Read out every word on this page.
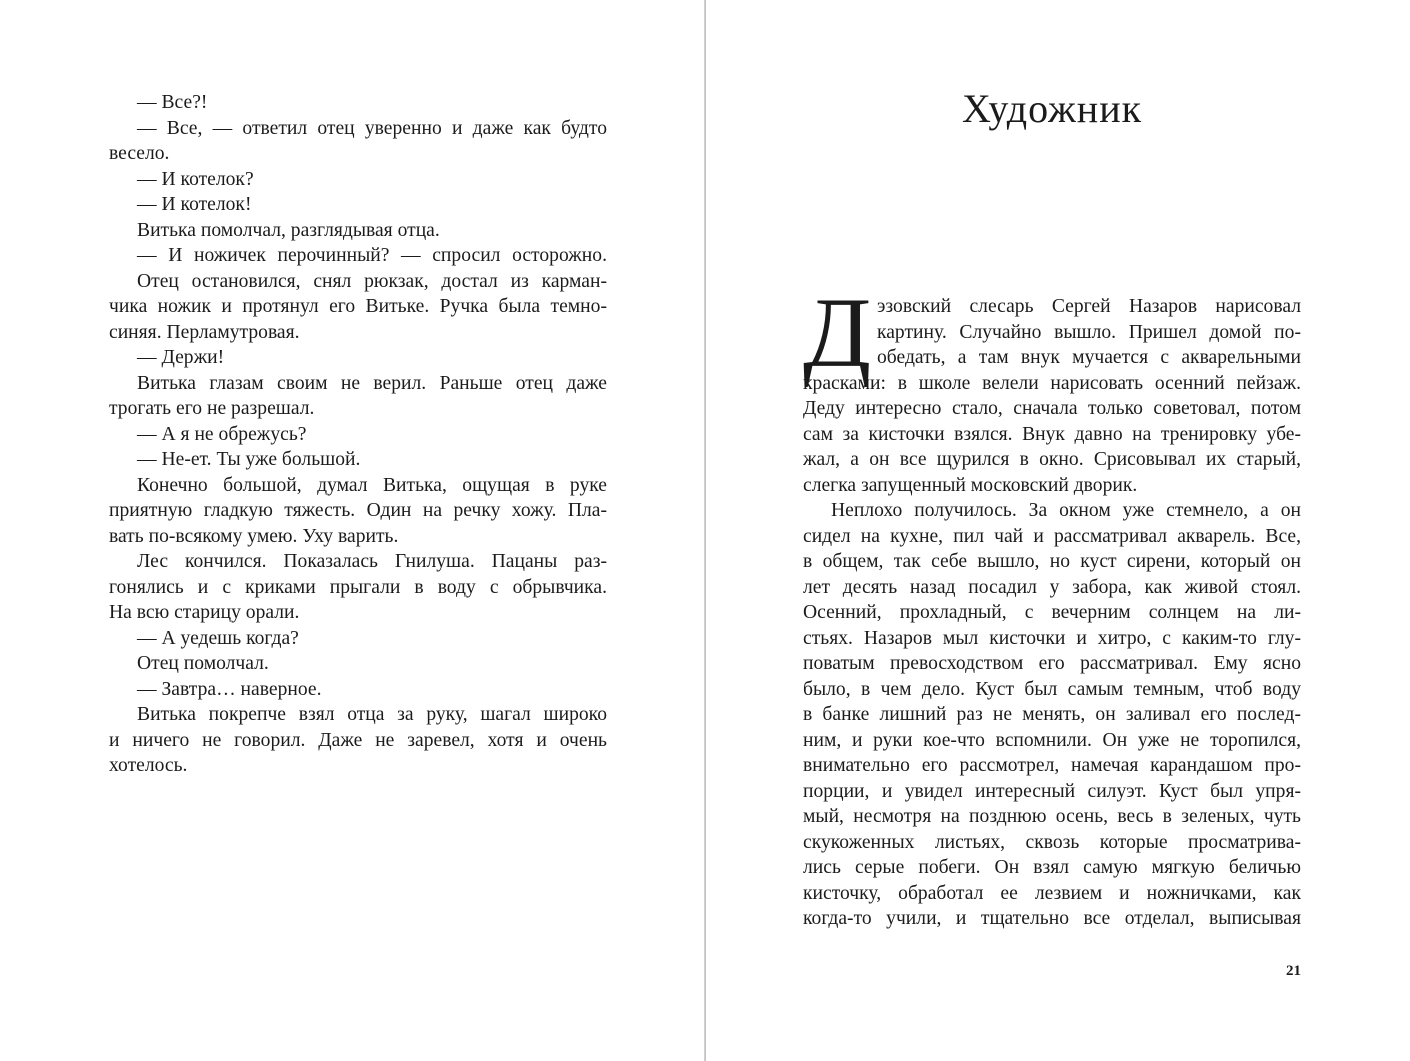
— Все?!
— Все, — ответил отец уверенно и даже как будто
весело.
— И котелок?
— И котелок!
Витька помолчал, разглядывая отца.
— И ножичек перочинный? — спросил осторожно.
Отец остановился, снял рюкзак, достал из карман-
чика ножик и протянул его Витьке. Ручка была темно-
синяя. Перламутровая.
— Держи!
Витька глазам своим не верил. Раньше отец даже
трогать его не разрешал.
— А я не обрежусь?
— Не-ет. Ты уже большой.
Конечно большой, думал Витька, ощущая в руке
приятную гладкую тяжесть. Один на речку хожу. Пла-
вать по-всякому умею. Уху варить.
Лес кончился. Показалась Гнилуша. Пацаны раз-
гонялись и с криками прыгали в воду с обрывчика.
На всю старицу орали.
— А уедешь когда?
Отец помолчал.
— Завтра… наверное.
Витька покрепче взял отца за руку, шагал широко
и ничего не говорил. Даже не заревел, хотя и очень
хотелось.
Художник
Д эзовский слесарь Сергей Назаров нарисовал
картину. Случайно вышло. Пришел домой по-
обедать, а там внук мучается с акварельными
красками: в школе велели нарисовать осенний пейзаж.
Деду интересно стало, сначала только советовал, потом
сам за кисточки взялся. Внук давно на тренировку убе-
жал, а он все щурился в окно. Срисовывал их старый,
слегка запущенный московский дворик.
Неплохо получилось. За окном уже стемнело, а он
сидел на кухне, пил чай и рассматривал акварель. Все,
в общем, так себе вышло, но куст сирени, который он
лет десять назад посадил у забора, как живой стоял.
Осенний, прохладный, с вечерним солнцем на ли-
стьях. Назаров мыл кисточки и хитро, с каким-то глу-
поватым превосходством его рассматривал. Ему ясно
было, в чем дело. Куст был самым темным, чтоб воду
в банке лишний раз не менять, он заливал его послед-
ним, и руки кое-что вспомнили. Он уже не торопился,
внимательно его рассмотрел, намечая карандашом про-
порции, и увидел интересный силуэт. Куст был упря-
мый, несмотря на позднюю осень, весь в зеленых, чуть
скукоженных листьях, сквозь которые просматрива-
лись серые побеги. Он взял самую мягкую беличью
кисточку, обработал ее лезвием и ножничками, как
когда-то учили, и тщательно все отделал, выписывая
21
